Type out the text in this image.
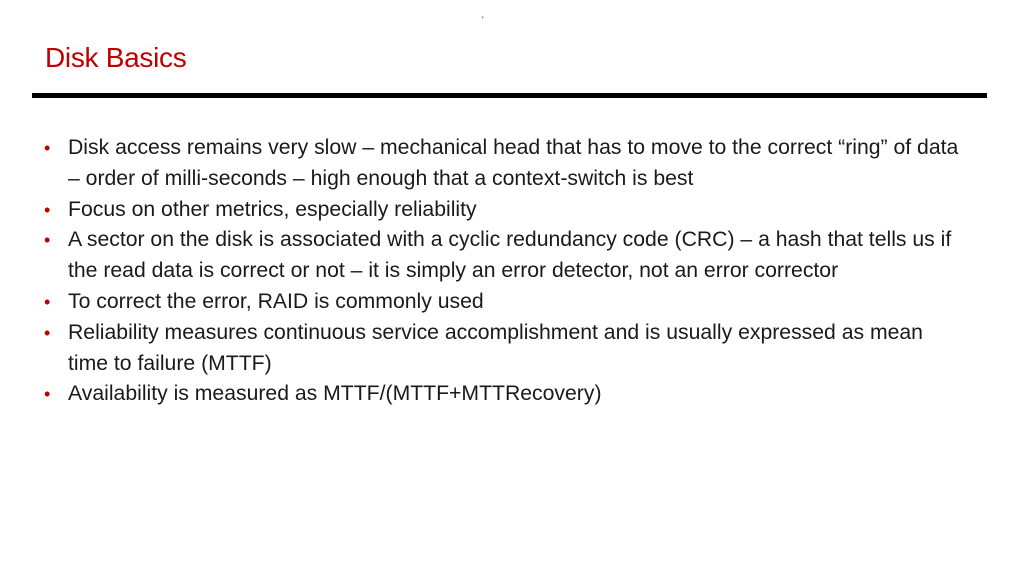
'
Disk Basics
• Disk access remains very slow – mechanical head that has to move to the correct “ring” of data – order of milli-seconds – high enough that a context-switch is best
• Focus on other metrics, especially reliability
• A sector on the disk is associated with a cyclic redundancy code (CRC) – a hash that tells us if the read data is correct or not – it is simply an error detector, not an error corrector
• To correct the error, RAID is commonly used
• Reliability measures continuous service accomplishment and is usually expressed as mean time to failure (MTTF)
• Availability is measured as MTTF/(MTTF+MTTRecovery)
